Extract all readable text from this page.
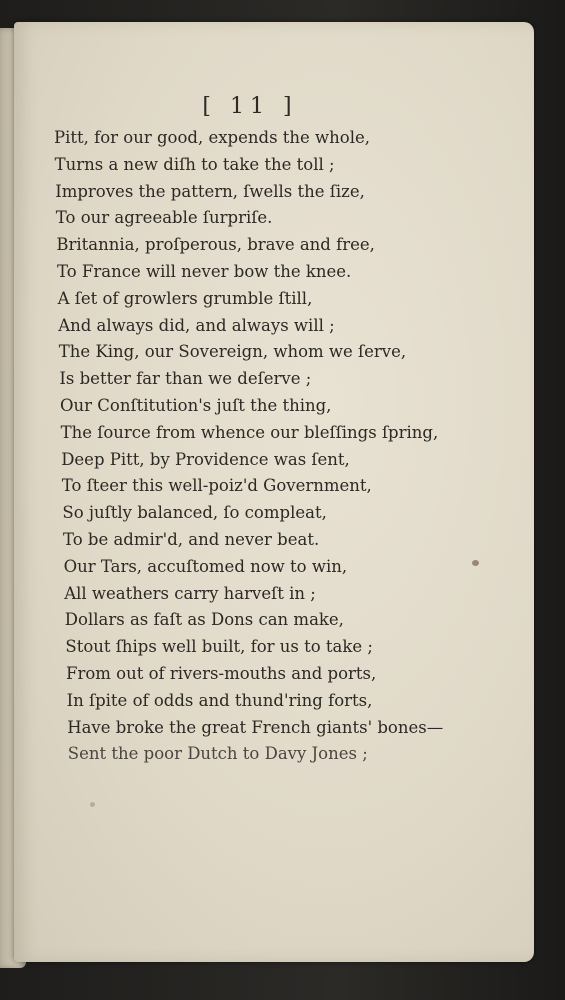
[ 11 ]
Pitt, for our good, expends the whole,
Turns a new diſh to take the toll ;
Improves the pattern, ſwells the ſize,
To our agreeable ſurpriſe.
Britannia, proſperous, brave and free,
To France will never bow the knee.
A ſet of growlers grumble ſtill,
And always did, and always will ;
The King, our Sovereign, whom we ſerve,
Is better far than we deſerve ;
Our Conſtitution's juſt the thing,
The ſource from whence our bleſſings ſpring,
Deep Pitt, by Providence was ſent,
To ſteer this well-poiz'd Government,
So juſtly balanced, ſo compleat,
To be admir'd, and never beat.
Our Tars, accuſtomed now to win,
All weathers carry harveſt in ;
Dollars as faſt as Dons can make,
Stout ſhips well built, for us to take ;
From out of rivers-mouths and ports,
In ſpite of odds and thund'ring forts,
Have broke the great French giants' bones—
Sent the poor Dutch to Davy Jones ;
